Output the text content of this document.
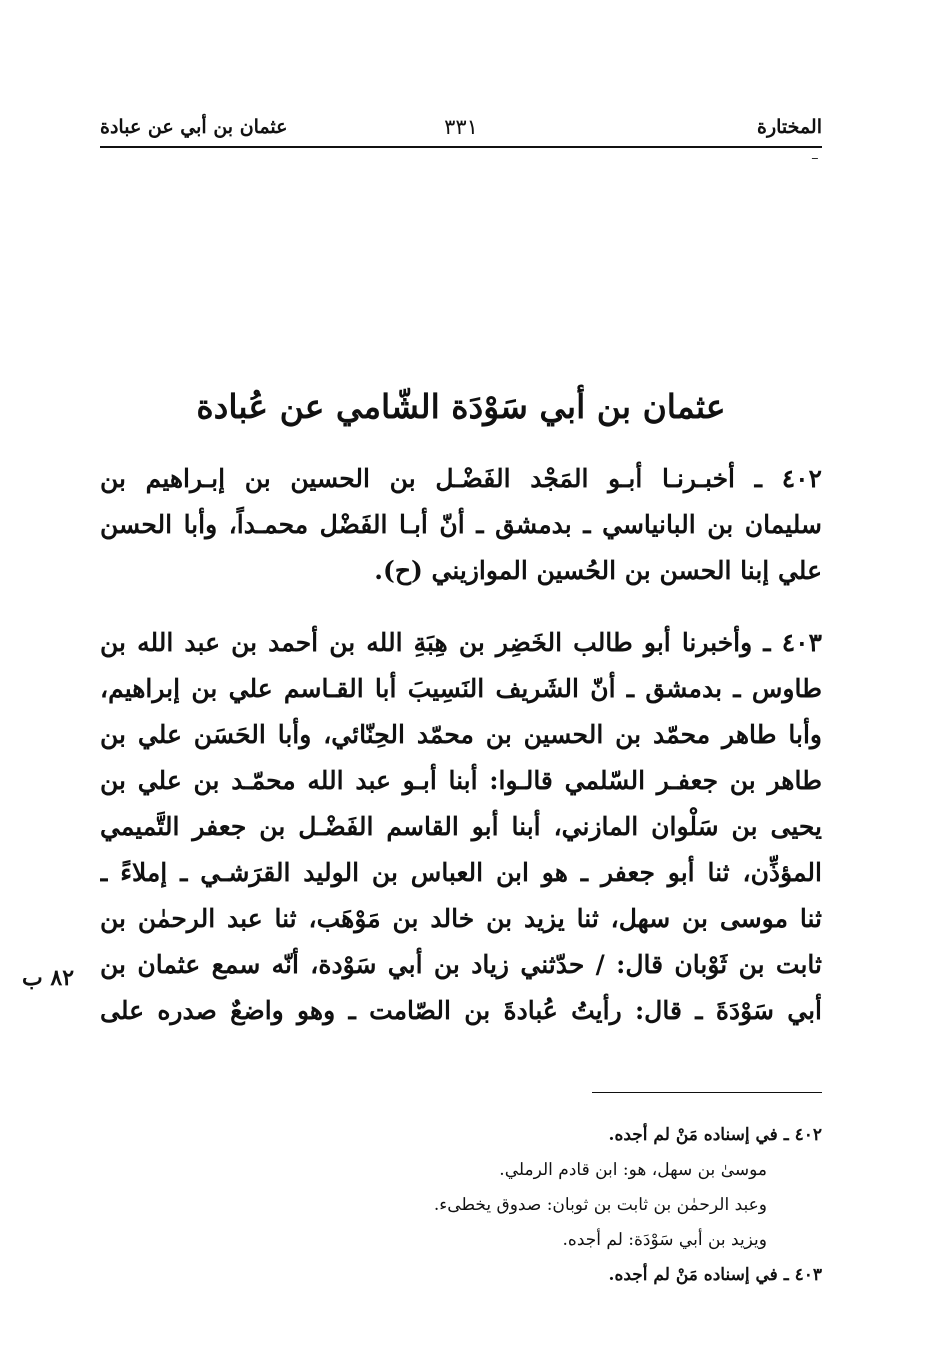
المختارة
٣٣١
عثمان بن أبي عن عبادة
ــ
عثمان بن أبي سَوْدَة الشّامي عن عُبادة
٤٠٢ ـ أخبـرنـا أبـو المَجْد الفَضْـل بن الحسين بن إبـراهيم بن
سليمان بن البانياسي ـ بدمشق ـ أنّ أبـا الفَضْل محمـداً، وأبا الحسن
علي إبنا الحسن بن الحُسين الموازيني (ح).
٤٠٣ ـ وأخبرنا أبو طالب الخَضِر بن هِبَةِ الله بن أحمد بن عبد الله بن
طاوس ـ بدمشق ـ أنّ الشَريف النَسِيبَ أبا القـاسم علي بن إبراهيم،
وأبا طاهر محمّد بن الحسين بن محمّد الحِنّائي، وأبا الحَسَن علي بن
طاهر بن جعفـر السّلمي قالـوا: أبنا أبـو عبد الله محمّـد بن علي بن
يحيى بن سَلْوان المازني، أبنا أبو القاسم الفَضْـل بن جعفر التَّميمي
المؤذِّن، ثنا أبو جعفر ـ هو ابن العباس بن الوليد القرَشـي ـ إملاءً ـ
ثنا موسى بن سهل، ثنا يزيد بن خالد بن مَوْهَب، ثنا عبد الرحمٰن بن
ثابت بن ثَوْبان قال: / حدّثني زياد بن أبي سَوْدة، أنّه سمع عثمان بن
أبي سَوْدَةَ ـ قال: رأيتُ عُبادةَ بن الصّامت ـ وهو واضعٌ صدره على
٨٢ ب
٤٠٢ ـ في إسناده مَنْ لم أجده.
موسىٰ بن سهل، هو: ابن قادم الرملي.
وعبد الرحمٰن بن ثابت بن ثوبان: صدوق يخطىء.
ويزيد بن أبي سَوْدَة: لم أجده.
٤٠٣ ـ في إسناده مَنْ لم أجده.
